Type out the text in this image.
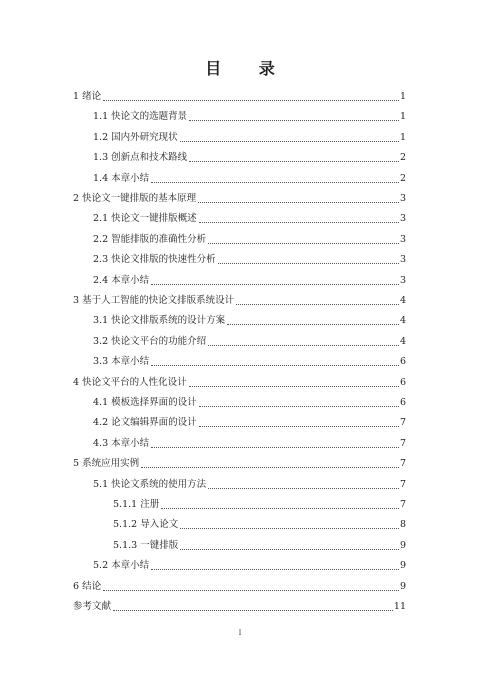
目 录
1 绪论	1
1.1 快论文的选题背景	1
1.2 国内外研究现状	1
1.3 创新点和技术路线	2
1.4 本章小结	2
2 快论文一键排版的基本原理	3
2.1 快论文一键排版概述	3
2.2 智能排版的准确性分析	3
2.3 快论文排版的快速性分析	3
2.4 本章小结	3
3 基于人工智能的快论文排版系统设计	4
3.1 快论文排版系统的设计方案	4
3.2 快论文平台的功能介绍	4
3.3 本章小结	6
4 快论文平台的人性化设计	6
4.1 模板选择界面的设计	6
4.2 论文编辑界面的设计	7
4.3 本章小结	7
5 系统应用实例	7
5.1 快论文系统的使用方法	7
5.1.1 注册	7
5.1.2 导入论文	8
5.1.3 一键排版	9
5.2 本章小结	9
6 结论	9
参考文献	11
I
